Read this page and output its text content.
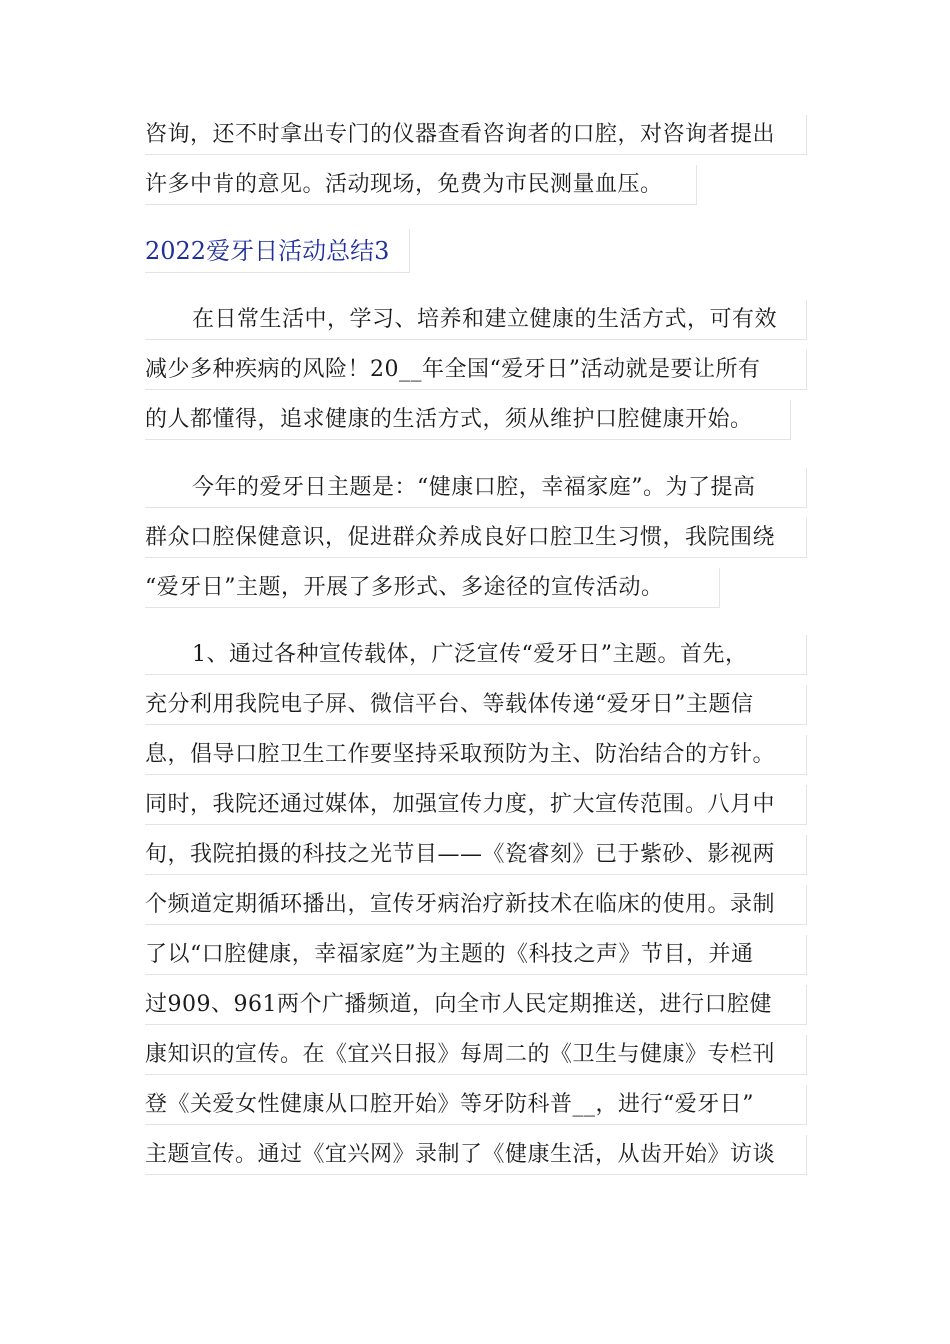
咨询，还不时拿出专门的仪器查看咨询者的口腔，对咨询者提出
许多中肯的意见。活动现场，免费为市民测量血压。
2022爱牙日活动总结3
在日常生活中，学习、培养和建立健康的生活方式，可有效
减少多种疾病的风险！20__年全国“爱牙日”活动就是要让所有
的人都懂得，追求健康的生活方式，须从维护口腔健康开始。
今年的爱牙日主题是：“健康口腔，幸福家庭”。为了提高
群众口腔保健意识，促进群众养成良好口腔卫生习惯，我院围绕
“爱牙日”主题，开展了多形式、多途径的宣传活动。
1、通过各种宣传载体，广泛宣传“爱牙日”主题。首先，
充分利用我院电子屏、微信平台、等载体传递“爱牙日”主题信
息，倡导口腔卫生工作要坚持采取预防为主、防治结合的方针。
同时，我院还通过媒体，加强宣传力度，扩大宣传范围。八月中
旬，我院拍摄的科技之光节目——《瓷睿刻》已于紫砂、影视两
个频道定期循环播出，宣传牙病治疗新技术在临床的使用。录制
了以“口腔健康，幸福家庭”为主题的《科技之声》节目，并通
过909、961两个广播频道，向全市人民定期推送，进行口腔健
康知识的宣传。在《宜兴日报》每周二的《卫生与健康》专栏刊
登《关爱女性健康从口腔开始》等牙防科普__，进行“爱牙日”
主题宣传。通过《宜兴网》录制了《健康生活，从齿开始》访谈
